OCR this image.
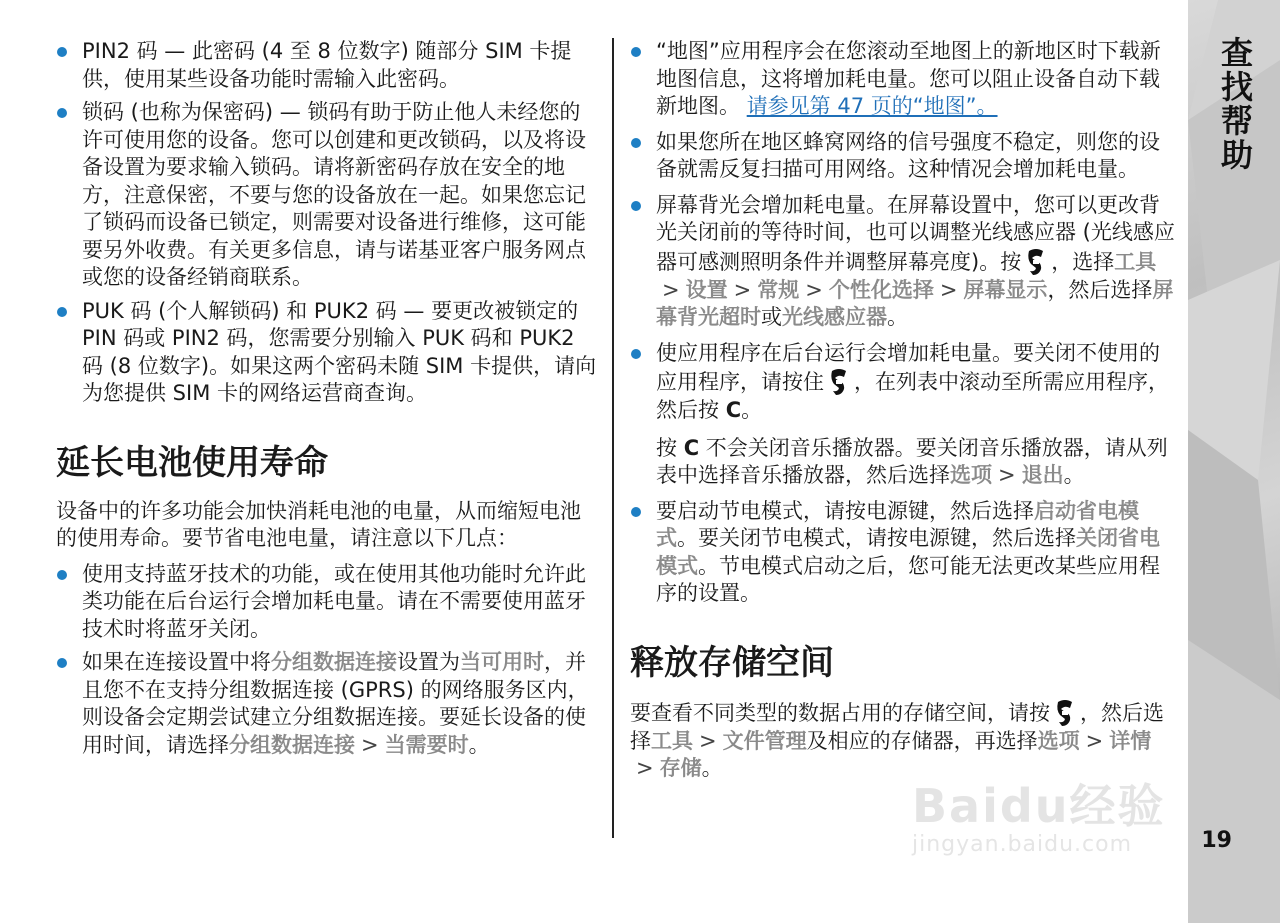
PIN2 码 — 此密码 (4 至 8 位数字) 随部分 SIM 卡提供，使用某些设备功能时需输入此密码。
锁码 (也称为保密码) — 锁码有助于防止他人未经您的许可使用您的设备。您可以创建和更改锁码，以及将设备设置为要求输入锁码。请将新密码存放在安全的地方，注意保密，不要与您的设备放在一起。如果您忘记了锁码而设备已锁定，则需要对设备进行维修，这可能要另外收费。有关更多信息，请与诺基亚客户服务网点或您的设备经销商联系。
PUK 码 (个人解锁码) 和 PUK2 码 — 要更改被锁定的 PIN 码或 PIN2 码，您需要分别输入 PUK 码和 PUK2 码 (8 位数字)。如果这两个密码未随 SIM 卡提供，请向为您提供 SIM 卡的网络运营商查询。
延长电池使用寿命

设备中的许多功能会加快消耗电池的电量，从而缩短电池的使用寿命。要节省电池电量，请注意以下几点：

使用支持蓝牙技术的功能，或在使用其他功能时允许此类功能在后台运行会增加耗电量。请在不需要使用蓝牙技术时将蓝牙关闭。
如果在连接设置中将分组数据连接设置为当可用时，并且您不在支持分组数据连接 (GPRS) 的网络服务区内，则设备会定期尝试建立分组数据连接。要延长设备的使用时间，请选择分组数据连接 > 当需要时。
“地图”应用程序会在您滚动至地图上的新地区时下载新地图信息，这将增加耗电量。您可以阻止设备自动下载新地图。 请参见第 47 页的“地图”。
如果您所在地区蜂窝网络的信号强度不稳定，则您的设备就需反复扫描可用网络。这种情况会增加耗电量。
屏幕背光会增加耗电量。在屏幕设置中，您可以更改背光关闭前的等待时间，也可以调整光线感应器 (光线感应器可感测照明条件并调整屏幕亮度)。按 ，选择工具> 设置 > 常规 > 个性化选择 > 屏幕显示，然后选择屏幕背光超时或光线感应器。
使应用程序在后台运行会增加耗电量。要关闭不使用的应用程序，请按住 ，在列表中滚动至所需应用程序，然后按 C。
按 C 不会关闭音乐播放器。要关闭音乐播放器，请从列表中选择音乐播放器，然后选择选项 > 退出。
要启动节电模式，请按电源键，然后选择启动省电模式。要关闭节电模式，请按电源键，然后选择关闭省电模式。节电模式启动之后，您可能无法更改某些应用程序的设置。
释放存储空间

要查看不同类型的数据占用的存储空间，请按 ，然后选择工具 > 文件管理及相应的存储器，再选择选项 > 详情> 存储。

查找帮助
19
Baidu经验
jingyan.baidu.com
